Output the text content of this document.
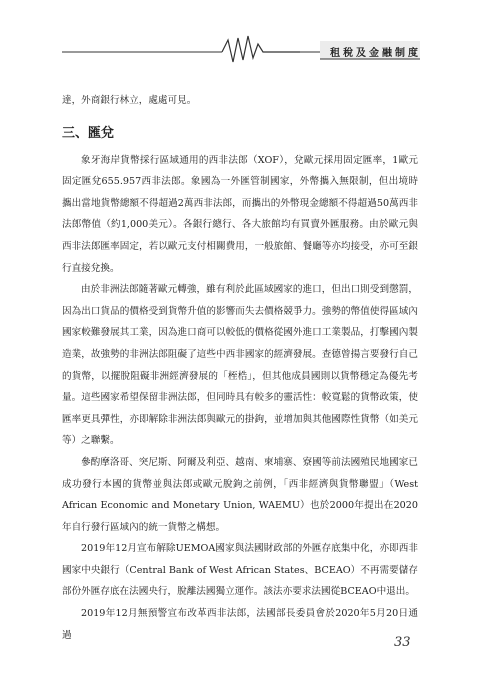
租稅及金融制度

達，外商銀行林立，處處可見。

三、匯兌

象牙海岸貨幣採行區域通用的西非法郎（XOF），兌歐元採用固定匯率，1歐元固定匯兌655.957西非法郎。象國為一外匯管制國家，外幣攜入無限制，但出境時攜出當地貨幣總額不得超過2萬西非法郎，而攜出的外幣現金總額不得超過50萬西非法郎幣值（約1,000美元）。各銀行總行、各大旅館均有買賣外匯服務。由於歐元與西非法郎匯率固定，若以歐元支付相關費用，一般旅館、餐廳等亦均接受，亦可至銀行直接兌換。

由於非洲法郎隨著歐元轉強，雖有利於此區域國家的進口，但出口則受到懲罰，因為出口貨品的價格受到貨幣升值的影響而失去價格競爭力。強勢的幣值使得區域內國家較難發展其工業，因為進口商可以較低的價格從國外進口工業製品，打擊國內製造業，故強勢的非洲法郎阻礙了這些中西非國家的經濟發展。查德曾揚言要發行自己的貨幣，以擺脫阻礙非洲經濟發展的「桎梏」，但其他成員國則以貨幣穩定為優先考量。這些國家希望保留非洲法郎，但同時具有較多的靈活性：較寬鬆的貨幣政策，使匯率更具彈性，亦即解除非洲法郎與歐元的掛鉤，並增加與其他國際性貨幣（如美元等）之聯繫。

參酌摩洛哥、突尼斯、阿爾及利亞、越南、柬埔寨、寮國等前法國殖民地國家已成功發行本國的貨幣並與法郎或歐元脫鉤之前例，「西非經濟與貨幣聯盟」（West African Economic and Monetary Union, WAEMU）也於2000年提出在2020年自行發行區域內的統一貨幣之構想。

2019年12月宣布解除UEMOA國家與法國財政部的外匯存底集中化，亦即西非國家中央銀行（Central Bank of West African States、BCEAO）不再需要儲存部份外匯存底在法國央行，脫離法國獨立運作。該法亦要求法國從BCEAO中退出。

2019年12月無預警宣布改革西非法郎，法國部長委員會於2020年5月20日通過	33
